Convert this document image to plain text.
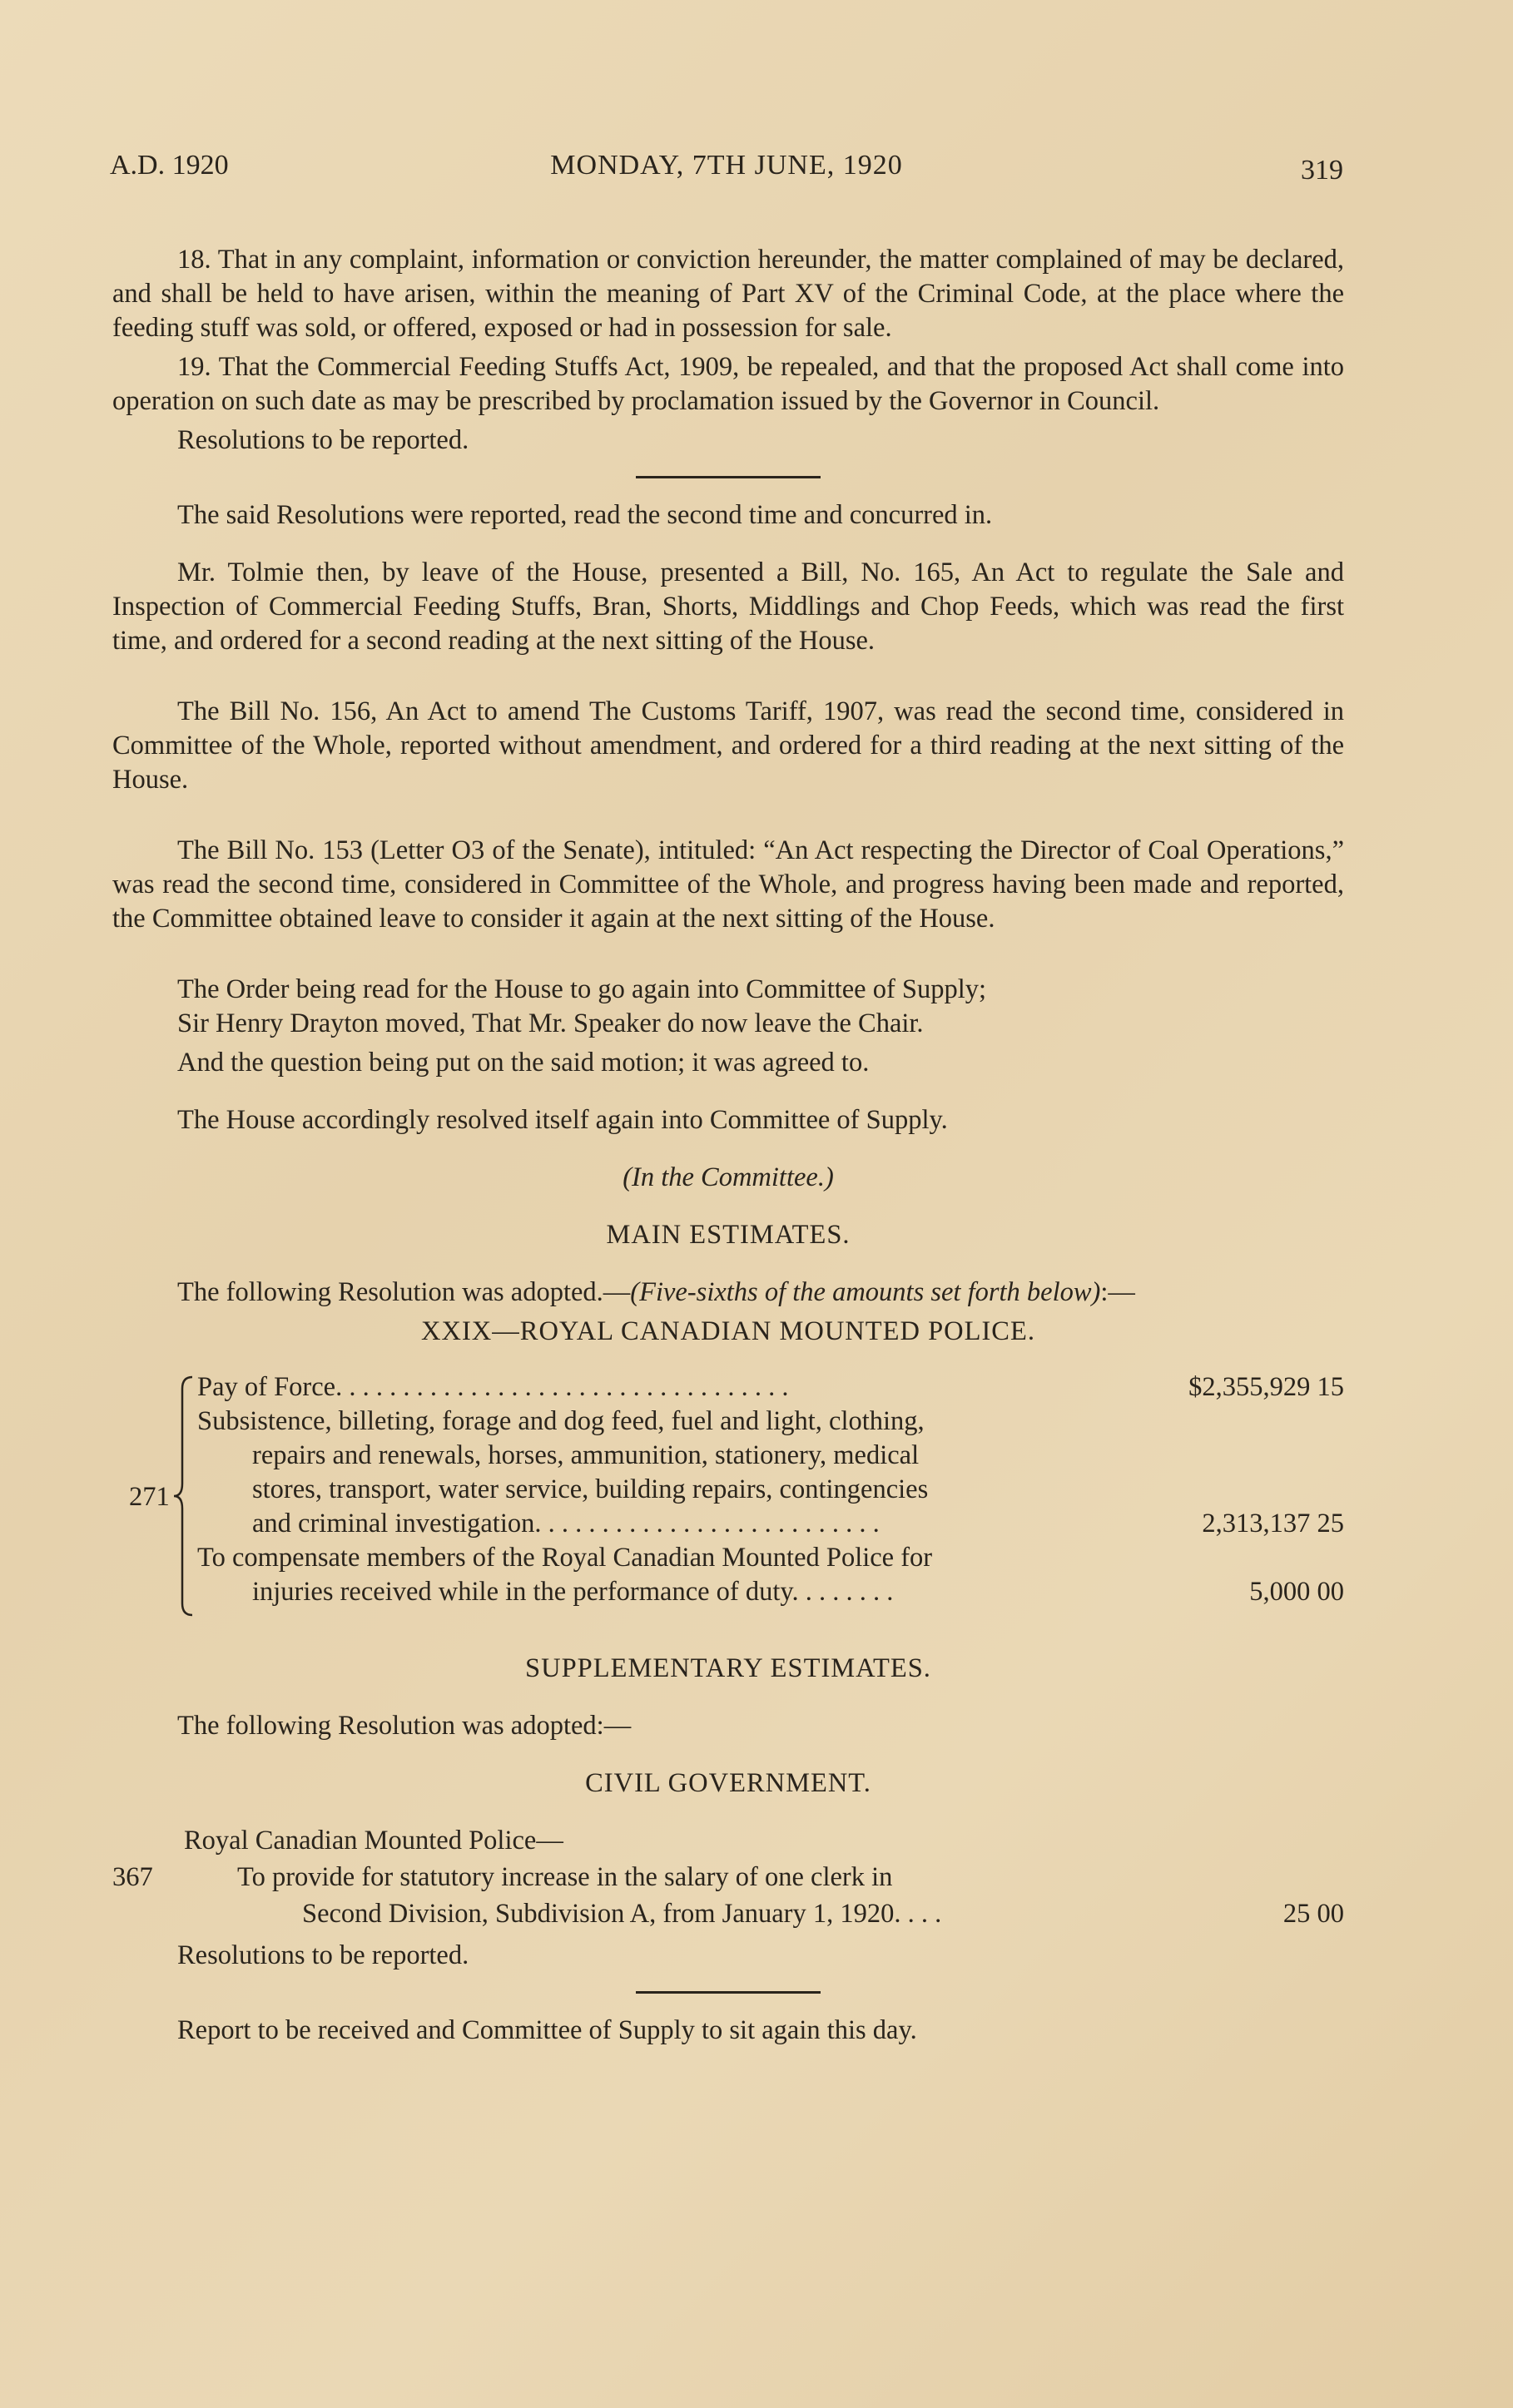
A.D. 1920	MONDAY, 7TH JUNE, 1920	319

18. That in any complaint, information or conviction hereunder, the matter complained of may be declared, and shall be held to have arisen, within the meaning of Part XV of the Criminal Code, at the place where the feeding stuff was sold, or offered, exposed or had in possession for sale.

19. That the Commercial Feeding Stuffs Act, 1909, be repealed, and that the proposed Act shall come into operation on such date as may be prescribed by proclamation issued by the Governor in Council.

Resolutions to be reported.

The said Resolutions were reported, read the second time and concurred in.

Mr. Tolmie then, by leave of the House, presented a Bill, No. 165, An Act to regulate the Sale and Inspection of Commercial Feeding Stuffs, Bran, Shorts, Middlings and Chop Feeds, which was read the first time, and ordered for a second reading at the next sitting of the House.

The Bill No. 156, An Act to amend The Customs Tariff, 1907, was read the second time, considered in Committee of the Whole, reported without amendment, and ordered for a third reading at the next sitting of the House.

The Bill No. 153 (Letter O3 of the Senate), intituled: “An Act respecting the Director of Coal Operations,” was read the second time, considered in Committee of the Whole, and progress having been made and reported, the Committee obtained leave to consider it again at the next sitting of the House.

The Order being read for the House to go again into Committee of Supply;

Sir Henry Drayton moved, That Mr. Speaker do now leave the Chair.

And the question being put on the said motion; it was agreed to.

The House accordingly resolved itself again into Committee of Supply.

(In the Committee.)

MAIN ESTIMATES.

The following Resolution was adopted.—(Five-sixths of the amounts set forth below):—

XXIX—ROYAL CANADIAN MOUNTED POLICE.

271
Pay of Force. . . . . . . . . . . . . . . . . . . . . . . . . . . . . . . . . .	$2,355,929 15
Subsistence, billeting, forage and dog feed, fuel and light, clothing,
repairs and renewals, horses, ammunition, stationery, medical
stores, transport, water service, building repairs, contingencies
and criminal investigation. . . . . . . . . . . . . . . . . . . . . . . . . .	2,313,137 25
To compensate members of the Royal Canadian Mounted Police for
injuries received while in the performance of duty. . . . . . . .	5,000 00

SUPPLEMENTARY ESTIMATES.

The following Resolution was adopted:—

CIVIL GOVERNMENT.

Royal Canadian Mounted Police—
367	To provide for statutory increase in the salary of one clerk in
Second Division, Subdivision A, from January 1, 1920. . . .	25 00

Resolutions to be reported.

Report to be received and Committee of Supply to sit again this day.
